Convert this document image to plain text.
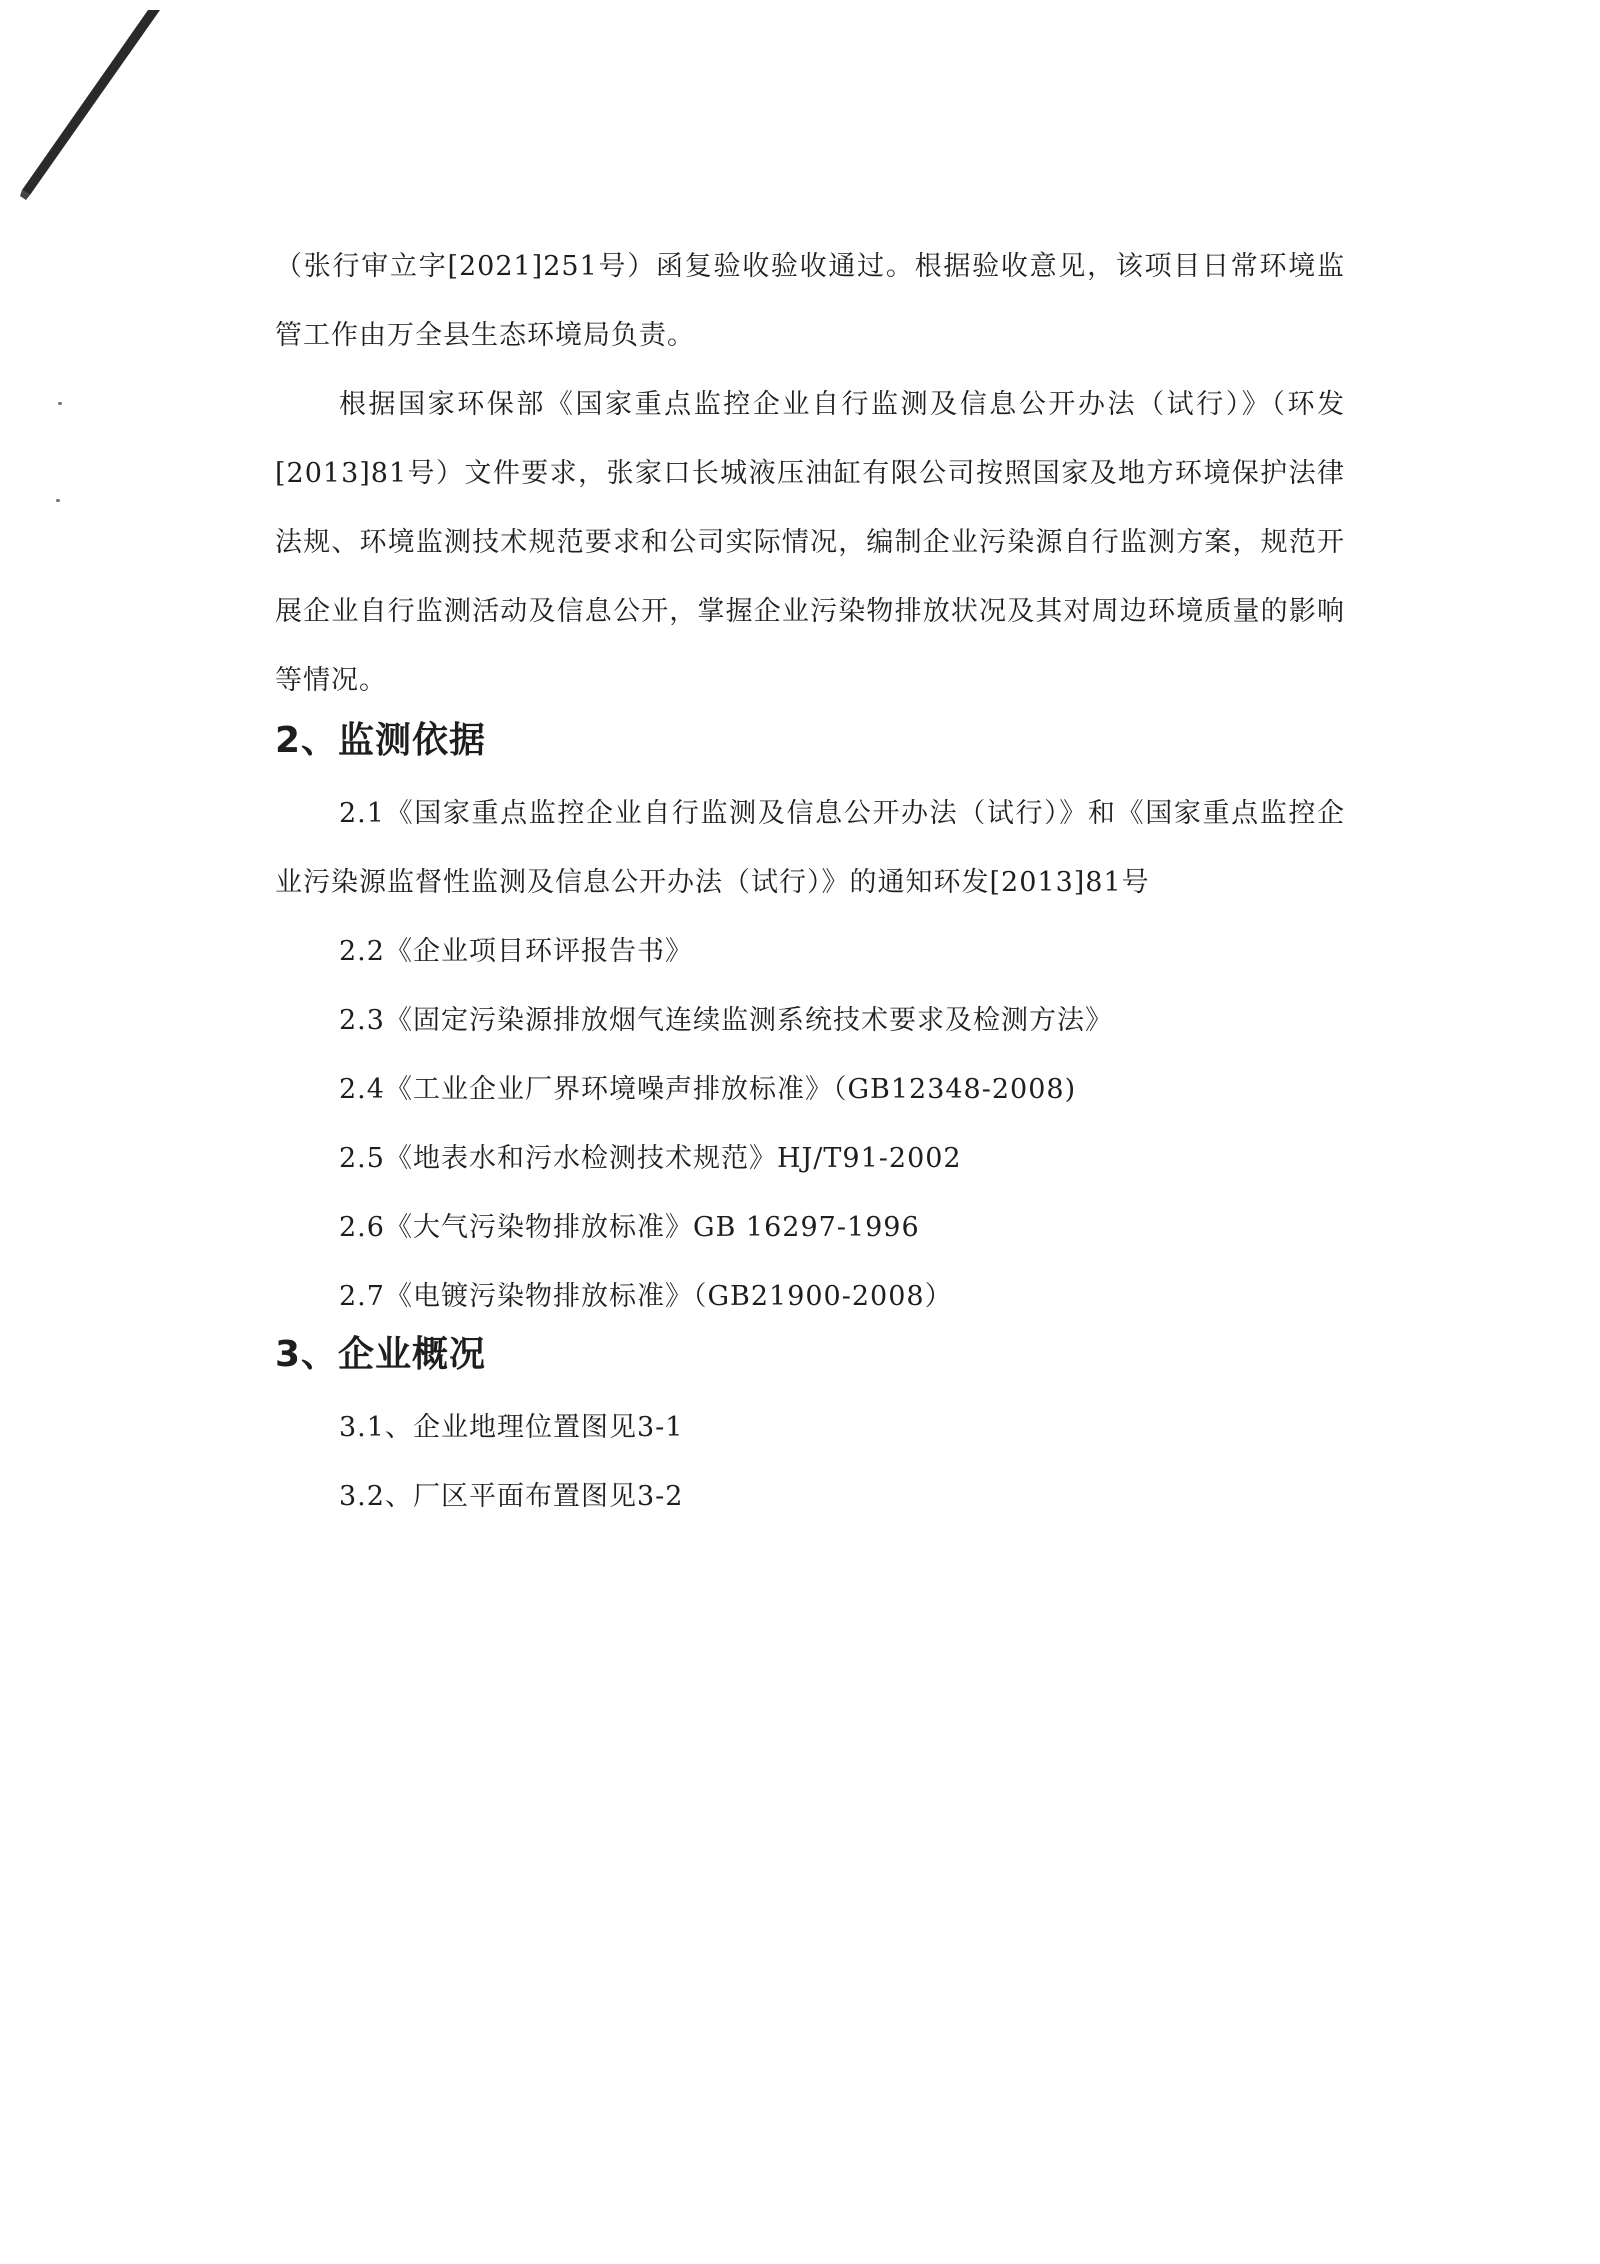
（张行审立字[2021]251号）函复验收验收通过。根据验收意见，该项目日常环境监管工作由万全县生态环境局负责。

根据国家环保部《国家重点监控企业自行监测及信息公开办法（试行）》（环发[2013]81号）文件要求，张家口长城液压油缸有限公司按照国家及地方环境保护法律法规、环境监测技术规范要求和公司实际情况，编制企业污染源自行监测方案，规范开展企业自行监测活动及信息公开，掌握企业污染物排放状况及其对周边环境质量的影响等情况。

2、监测依据

2.1《国家重点监控企业自行监测及信息公开办法（试行）》和《国家重点监控企业污染源监督性监测及信息公开办法（试行）》的通知环发[2013]81号

2.2《企业项目环评报告书》

2.3《固定污染源排放烟气连续监测系统技术要求及检测方法》

2.4《工业企业厂界环境噪声排放标准》（GB12348-2008)

2.5《地表水和污水检测技术规范》HJ/T91-2002

2.6《大气污染物排放标准》GB 16297-1996

2.7《电镀污染物排放标准》（GB21900-2008）

3、企业概况

3.1、企业地理位置图见3-1

3.2、厂区平面布置图见3-2
